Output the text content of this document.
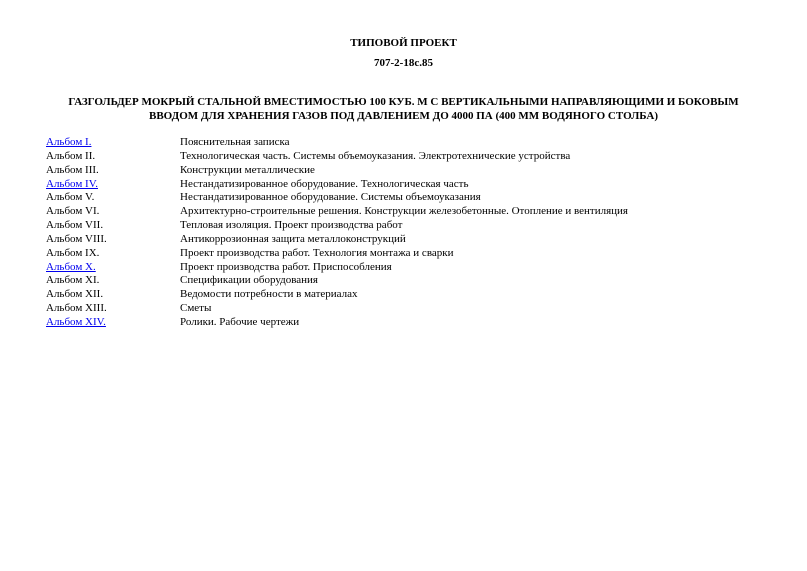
ТИПОВОЙ ПРОЕКТ
707-2-18с.85
ГАЗГОЛЬДЕР МОКРЫЙ СТАЛЬНОЙ ВМЕСТИМОСТЬЮ 100 КУБ. М С ВЕРТИКАЛЬНЫМИ НАПРАВЛЯЮЩИМИ И БОКОВЫМ
ВВОДОМ ДЛЯ ХРАНЕНИЯ ГАЗОВ ПОД ДАВЛЕНИЕМ ДО 4000 ПА (400 ММ ВОДЯНОГО СТОЛБА)
Альбом I.	Пояснительная записка
Альбом II.	Технологическая часть. Системы объемоуказания. Электротехнические устройства
Альбом III.	Конструкции металлические
Альбом IV.	Нестандатизированное оборудование. Технологическая часть
Альбом V.	Нестандатизированное оборудование. Системы объемоуказания
Альбом VI.	Архитектурно-строительные решения. Конструкции железобетонные. Отопление и вентиляция
Альбом VII.	Тепловая изоляция. Проект производства работ
Альбом VIII.	Антикоррозионная защита металлоконструкций
Альбом IX.	Проект производства работ. Технология монтажа и сварки
Альбом X.	Проект производства работ. Приспособления
Альбом XI.	Спецификации оборудования
Альбом XII.	Ведомости потребности в материалах
Альбом XIII.	Сметы
Альбом XIV.	Ролики. Рабочие чертежи
